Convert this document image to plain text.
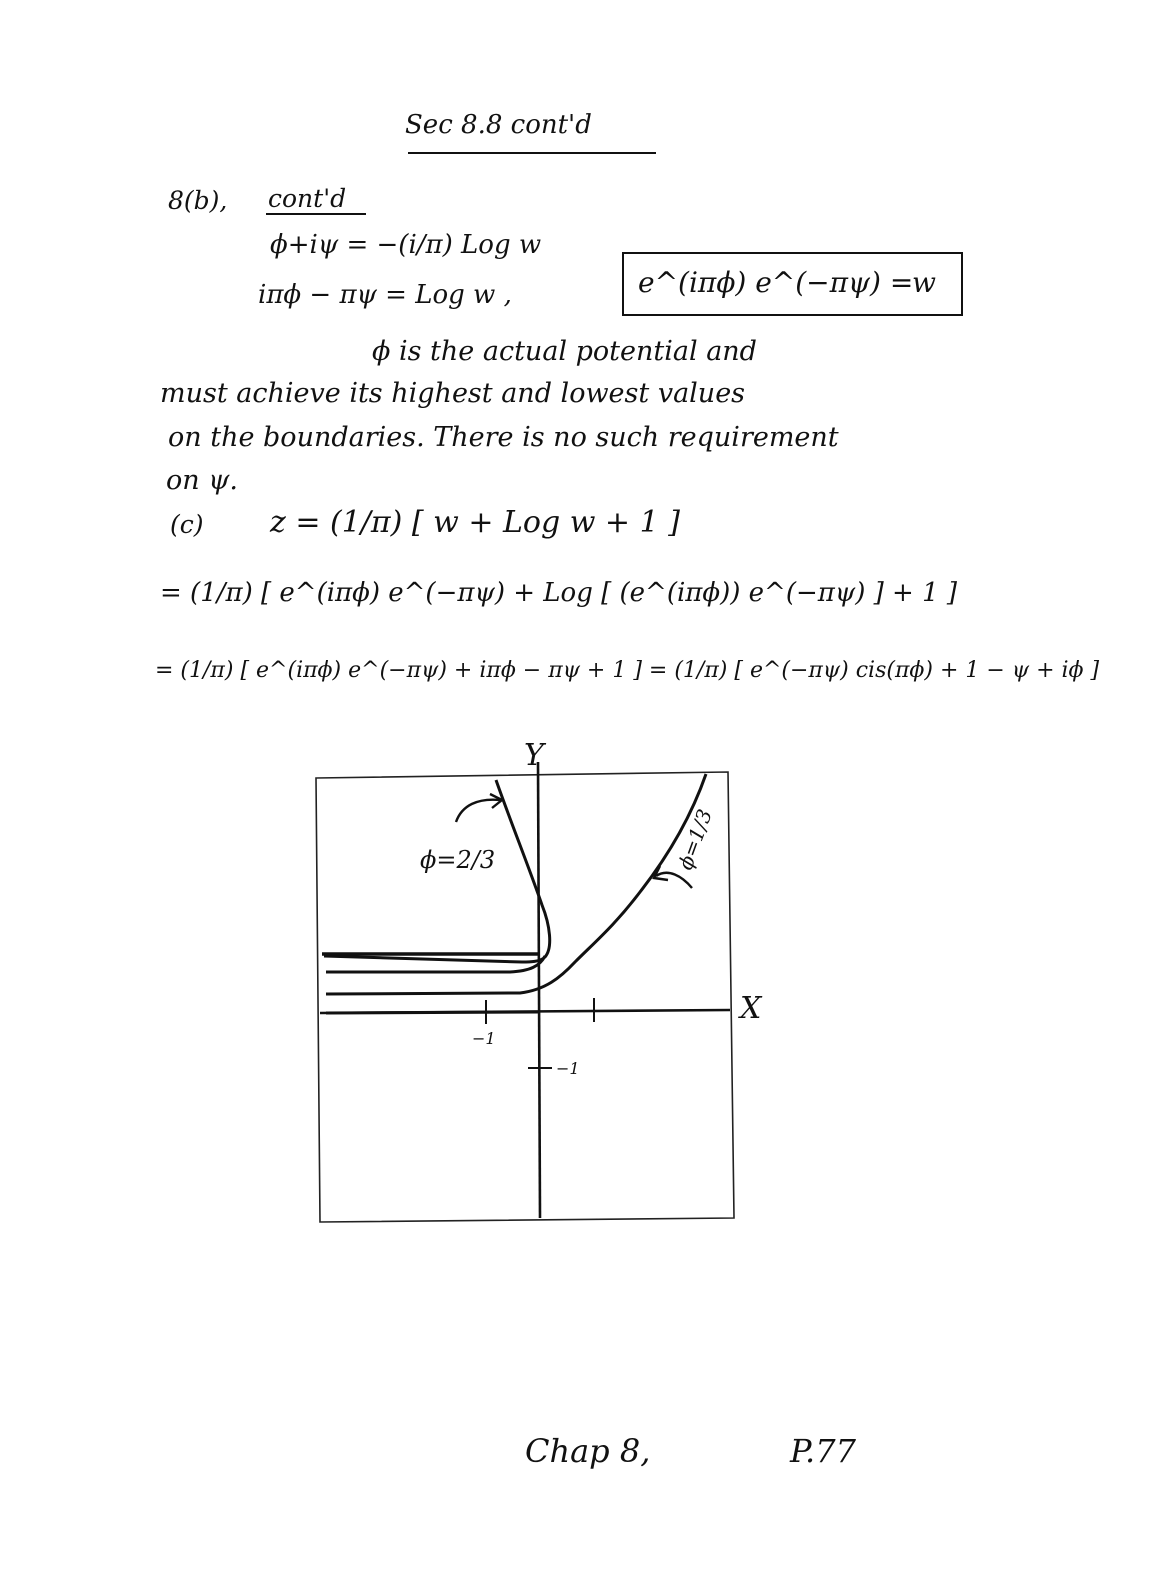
Sec 8.8 cont'd
8(b), cont'd
ϕ+iψ = −(i/π) Log w
iπϕ − πψ = Log w ,	e^(iπϕ) e^(−πψ) =
w
ϕ is the actual potential and
must achieve its highest and lowest values
on the boundaries. There is no such requirement
on ψ.
(c) z = (1/π) [ w + Log w + 1 ]
= (1/π) [ e^(iπϕ) e^(−πψ) + Log [ (e^(iπϕ)) e^(−πψ) ] + 1 ]
= (1/π) [ e^(iπϕ) e^(−πψ) + iπϕ − πψ + 1 ] = (1/π) [ e^(−πψ) cis(πϕ) + 1 − ψ + iϕ ]
Y
X
−1
−1
ϕ=2/3	ϕ=1/3
Chap 8,	P.77
